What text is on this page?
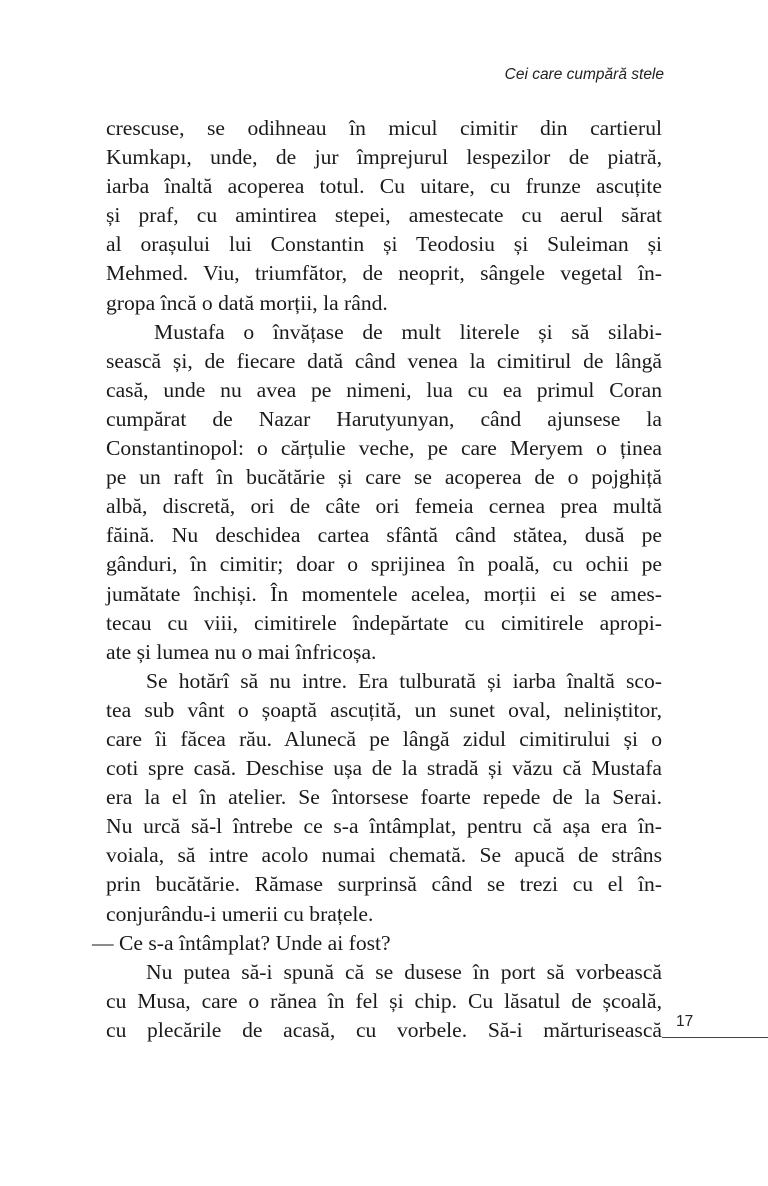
Cei care cumpără stele
crescuse, se odihneau în micul cimitir din cartierul
Kumkapı, unde, de jur împrejurul lespezilor de piatră,
iarba înaltă acoperea totul. Cu uitare, cu frunze ascuțite
și praf, cu amintirea stepei, amestecate cu aerul sărat
al orașului lui Constantin și Teodosiu și Suleiman și
Mehmed. Viu, triumfător, de neoprit, sângele vegetal în-
gropa încă o dată morții, la rând.
Mustafa o învățase de mult literele și să silabi-
sească și, de fiecare dată când venea la cimitirul de lângă
casă, unde nu avea pe nimeni, lua cu ea primul Coran
cumpărat de Nazar Harutyunyan, când ajunsese la
Constantinopol: o cărțulie veche, pe care Meryem o ținea
pe un raft în bucătărie și care se acoperea de o pojghiță
albă, discretă, ori de câte ori femeia cernea prea multă
făină. Nu deschidea cartea sfântă când stătea, dusă pe
gânduri, în cimitir; doar o sprijinea în poală, cu ochii pe
jumătate închiși. În momentele acelea, morții ei se ames-
tecau cu viii, cimitirele îndepărtate cu cimitirele apropi-
ate și lumea nu o mai înfricoșa.
Se hotărî să nu intre. Era tulburată și iarba înaltă sco-
tea sub vânt o șoaptă ascuțită, un sunet oval, neliniștitor,
care îi făcea rău. Alunecă pe lângă zidul cimitirului și o
coti spre casă. Deschise ușa de la stradă și văzu că Mustafa
era la el în atelier. Se întorsese foarte repede de la Serai.
Nu urcă să-l întrebe ce s-a întâmplat, pentru că așa era în-
voiala, să intre acolo numai chemată. Se apucă de strâns
prin bucătărie. Rămase surprinsă când se trezi cu el în-
conjurându-i umerii cu brațele.
— Ce s-a întâmplat? Unde ai fost?
Nu putea să-i spună că se dusese în port să vorbească
cu Musa, care o rănea în fel și chip. Cu lăsatul de școală,
cu plecările de acasă, cu vorbele. Să-i mărturisească 17
